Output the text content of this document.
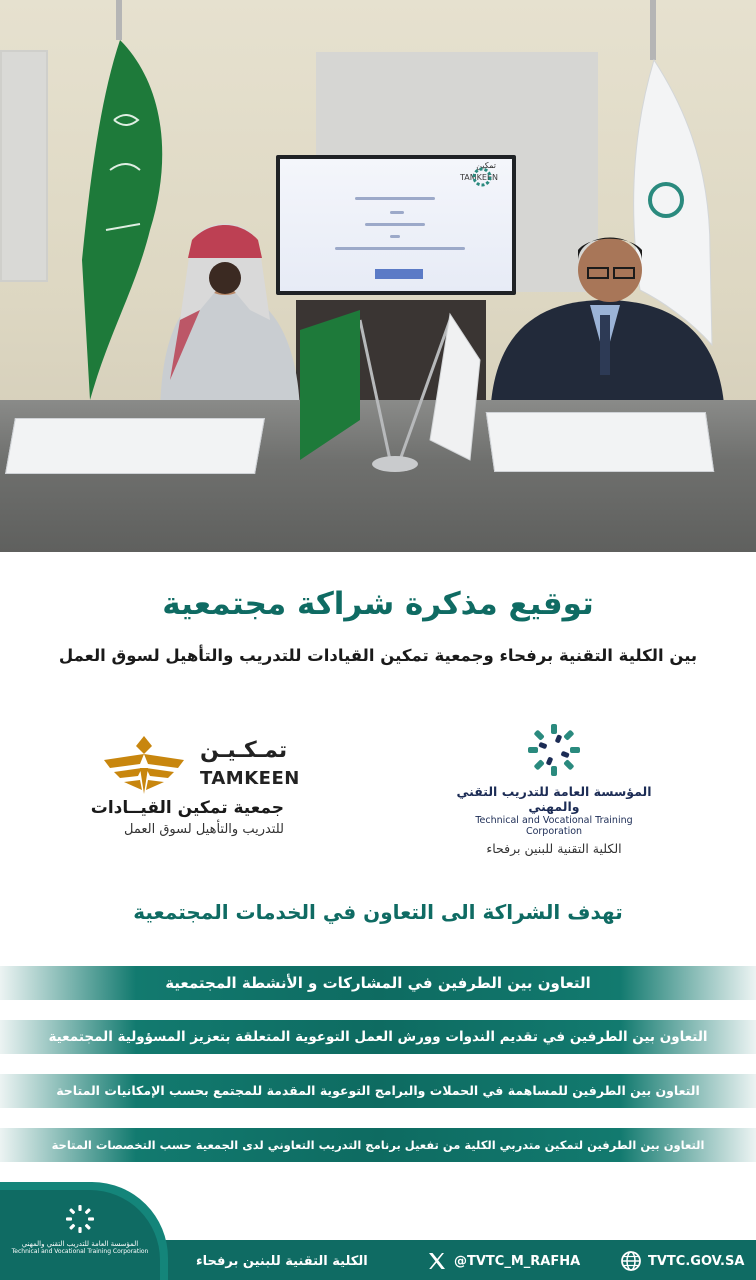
TAMKEEN
تمكين
توقيع مذكرة شراكة مجتمعية
بين الكلية التقنية برفحاء وجمعية تمكين القيادات للتدريب والتأهيل لسوق العمل
تمـكـيـن
TAMKEEN
جمعية تمكين القيــادات
للتدريب والتأهيل لسوق العمل
المؤسسة العامة للتدريب التقني والمهني
Technical and Vocational Training Corporation
الكلية التقنية للبنين برفحاء
تهدف الشراكة الى التعاون في الخدمات المجتمعية
التعاون بين الطرفين في المشاركات و الأنشطة المجتمعية
التعاون بين الطرفين في تقديم الندوات وورش العمل التوعوية المتعلقة بتعزيز المسؤولية المجتمعية
التعاون بين الطرفين للمساهمة في الحملات والبرامج التوعوية المقدمة للمجتمع بحسب الإمكانيات المتاحة
التعاون بين الطرفين لتمكين متدربي الكلية من تفعيل برنامج التدريب التعاوني لدى الجمعية حسب التخصصات المتاحة
المؤسسة العامة للتدريب التقني والمهني
Technical and Vocational Training Corporation
الكلية التقنية للبنين برفحاء	@TVTC_M_RAFHA	TVTC.GOV.SA
